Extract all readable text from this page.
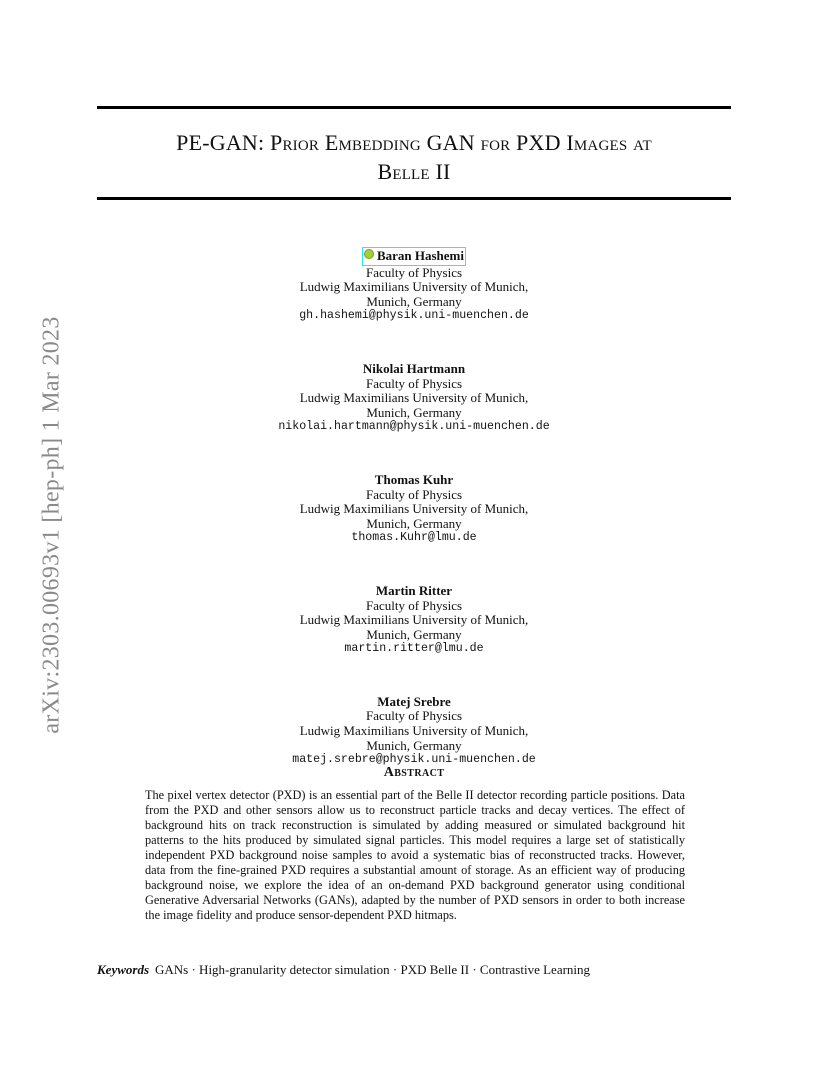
PE-GAN: Prior Embedding GAN for PXD Images at
Belle II
arXiv:2303.00693v1 [hep-ph] 1 Mar 2023
Baran Hashemi
Faculty of Physics
Ludwig Maximilians University of Munich,
Munich, Germany
gh.hashemi@physik.uni-muenchen.de
Nikolai Hartmann
Faculty of Physics
Ludwig Maximilians University of Munich,
Munich, Germany
nikolai.hartmann@physik.uni-muenchen.de
Thomas Kuhr
Faculty of Physics
Ludwig Maximilians University of Munich,
Munich, Germany
thomas.Kuhr@lmu.de
Martin Ritter
Faculty of Physics
Ludwig Maximilians University of Munich,
Munich, Germany
martin.ritter@lmu.de
Matej Srebre
Faculty of Physics
Ludwig Maximilians University of Munich,
Munich, Germany
matej.srebre@physik.uni-muenchen.de
Abstract
The pixel vertex detector (PXD) is an essential part of the Belle II detector recording particle positions. Data from the PXD and other sensors allow us to reconstruct particle tracks and decay vertices. The effect of background hits on track reconstruction is simulated by adding measured or simulated background hit patterns to the hits produced by simulated signal particles. This model requires a large set of statistically independent PXD background noise samples to avoid a systematic bias of reconstructed tracks. However, data from the fine-grained PXD requires a substantial amount of storage. As an efficient way of producing background noise, we explore the idea of an on-demand PXD background generator using conditional Generative Adversarial Networks (GANs), adapted by the number of PXD sensors in order to both increase the image fidelity and produce sensor-dependent PXD hitmaps.
Keywords GANs · High-granularity detector simulation · PXD Belle II · Contrastive Learning
